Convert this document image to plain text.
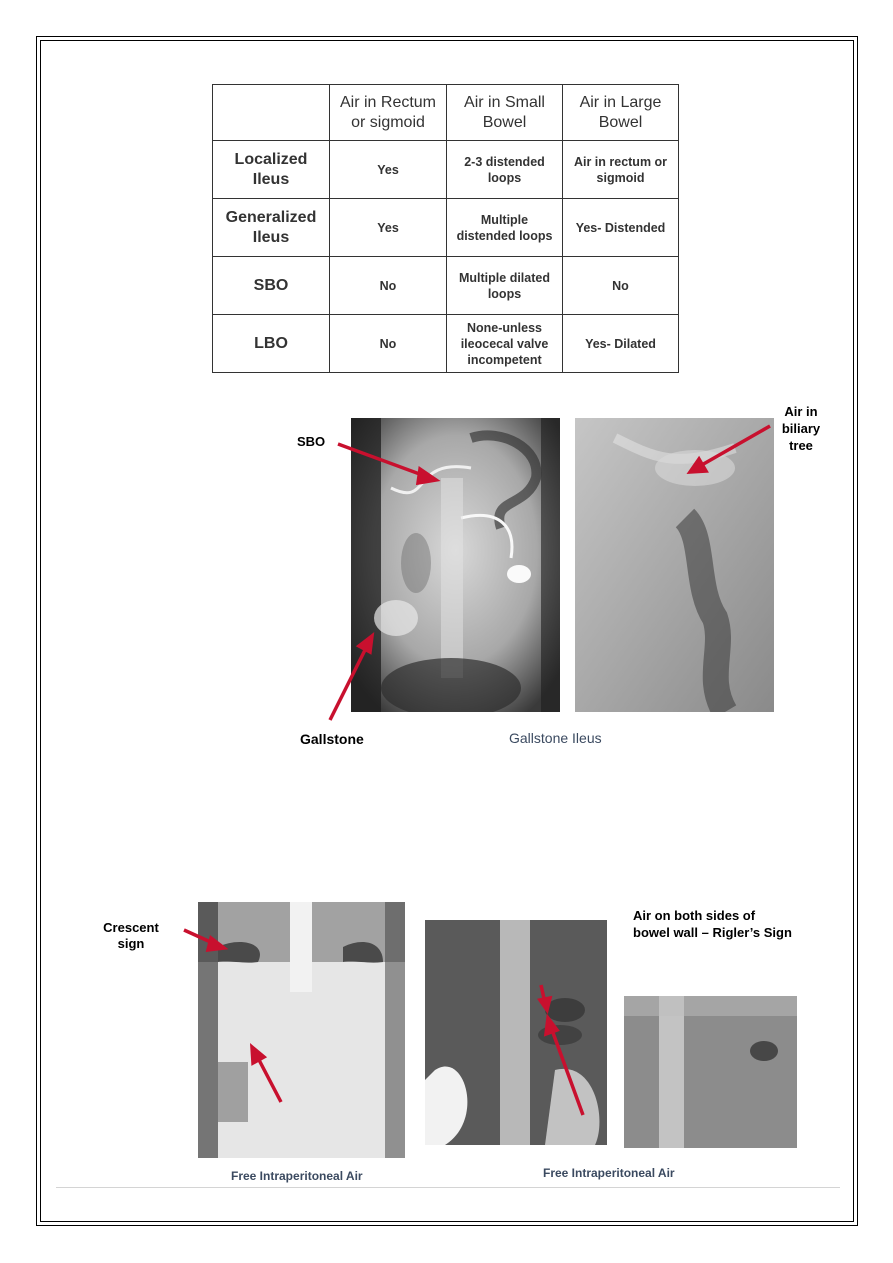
	Air in Rectum or sigmoid	Air in Small Bowel	Air in Large Bowel
Localized Ileus	Yes	2-3 distended loops	Air in rectum or sigmoid
Generalized Ileus	Yes	Multiple distended loops	Yes- Distended
SBO	No	Multiple dilated loops	No
LBO	No	None-unless ileocecal valve incompetent	Yes- Dilated
SBO
Gallstone
Air in biliary tree
Gallstone Ileus
Crescent sign
Air on both sides of bowel wall – Rigler’s Sign
Free Intraperitoneal Air	Free Intraperitoneal Air
